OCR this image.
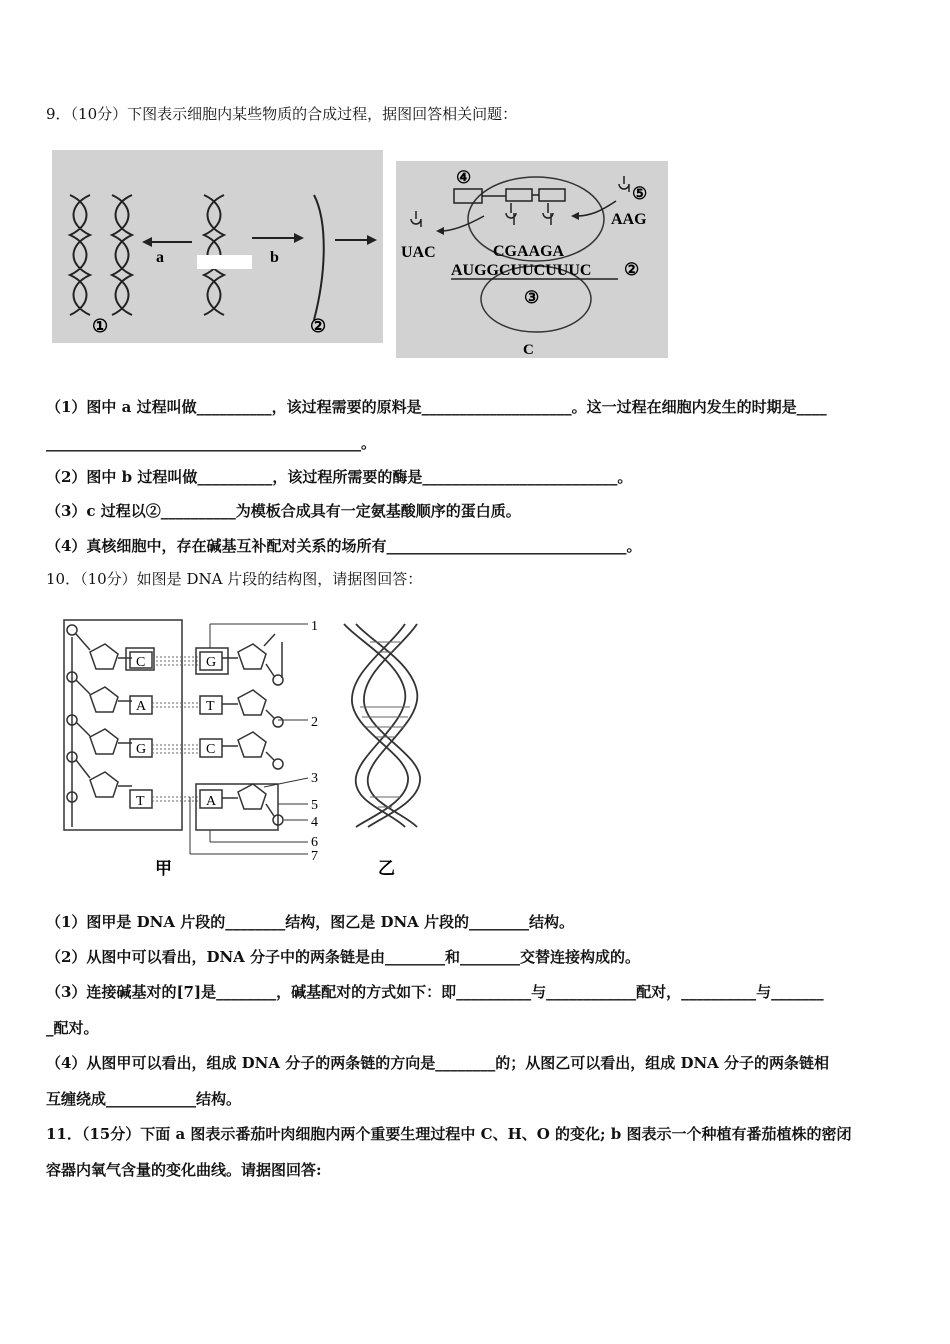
9．（10分）下图表示细胞内某些物质的合成过程，据图回答相关问题：
a	b
①	②
④
⑤
UAC
AAG
CGAAGA
AUGGCUUCUUUC ②
③
C
（1）图中 a 过程叫做__________，该过程需要的原料是____________________。这一过程在细胞内发生的时期是____
__________________________________________。
（2）图中 b 过程叫做__________，该过程所需要的酶是__________________________。
（3）c 过程以②__________为模板合成具有一定氨基酸顺序的蛋白质。
（4）真核细胞中，存在碱基互补配对关系的场所有________________________________。
10．（10分）如图是 DNA 片段的结构图，请据图回答：
C
A
G
T
G
T
C
A
1
2
3
5
4
6
7
甲	乙
（1）图甲是 DNA 片段的________结构，图乙是 DNA 片段的________结构。
（2）从图中可以看出，DNA 分子中的两条链是由________和________交替连接构成的。
（3）连接碱基对的[7]是________，碱基配对的方式如下：即__________与____________配对，__________与_______
_配对。
（4）从图甲可以看出，组成 DNA 分子的两条链的方向是________的；从图乙可以看出，组成 DNA 分子的两条链相
互缠绕成____________结构。
11．（15分）下面 a 图表示番茄叶肉细胞内两个重要生理过程中 C、H、O 的变化; b 图表示一个种植有番茄植株的密闭
容器内氧气含量的变化曲线。请据图回答:
